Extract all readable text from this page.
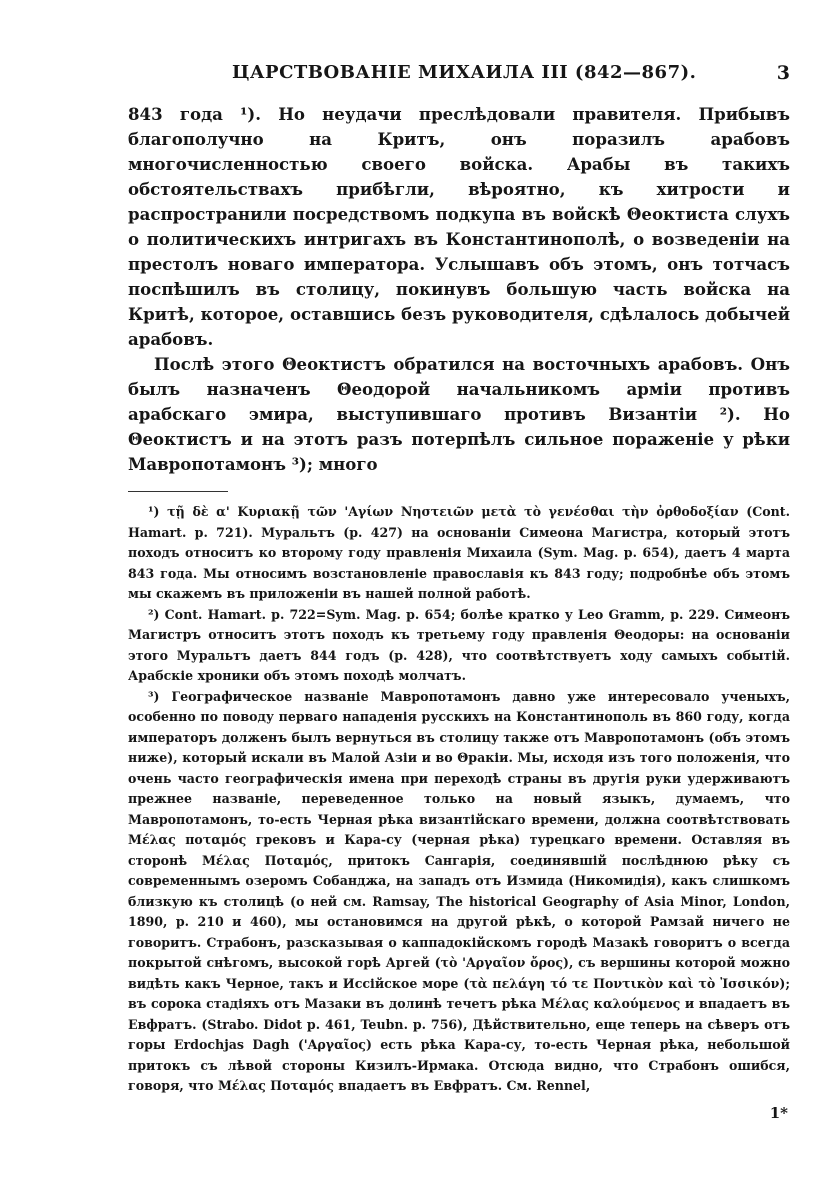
ЦАРСТВОВАНІЕ МИХАИЛА III (842—867).	3

843 года ¹). Но неудачи преслѣдовали правителя. Прибывъ благополучно на Критъ, онъ поразилъ арабовъ многочисленностью своего войска. Арабы въ такихъ обстоятельствахъ прибѣгли, вѣроятно, къ хитрости и распространили посредствомъ подкупа въ войскѣ Θеоктиста слухъ о политическихъ интригахъ въ Константинополѣ, о возведеніи на престолъ новаго императора. Услышавъ объ этомъ, онъ тотчасъ поспѣшилъ въ столицу, покинувъ большую часть войска на Критѣ, которое, оставшись безъ руководителя, сдѣлалось добычей арабовъ.

Послѣ этого Θеоктистъ обратился на восточныхъ арабовъ. Онъ былъ назначенъ Θеодорой начальникомъ арміи противъ арабскаго эмира, выступившаго противъ Византіи ²). Но Θеоктистъ и на этотъ разъ потерпѣлъ сильное пораженіе у рѣки Мавропотамонъ ³); много

¹) τῇ δὲ α' Κυριακῇ τῶν 'Αγίων Νηστειῶν μετὰ τὸ γενέσθαι τὴν ὀρθοδοξίαν (Cont. Hamart. p. 721). Муральтъ (p. 427) на основаніи Симеона Магистра, который этотъ походъ относитъ ко второму году правленія Михаила (Sym. Mag. p. 654), даетъ 4 марта 843 года. Мы относимъ возстановленіе православія къ 843 году; подробнѣе объ этомъ мы скажемъ въ приложеніи въ нашей полной работѣ.

²) Cont. Hamart. p. 722=Sym. Mag. p. 654; болѣе кратко у Leo Gramm, p. 229. Симеонъ Магистръ относитъ этотъ походъ къ третьему году правленія Θеодоры: на основаніи этого Муральтъ даетъ 844 годъ (p. 428), что соотвѣтствуетъ ходу самыхъ событій. Арабскіе хроники объ этомъ походѣ молчатъ.

³) Географическое названіе Мавропотамонъ давно уже интересовало ученыхъ, особенно по поводу перваго нападенія русскихъ на Константинополь въ 860 году, когда императоръ долженъ былъ вернуться въ столицу также отъ Мавропотамонъ (объ этомъ ниже), который искали въ Малой Азіи и во Θракіи. Мы, исходя изъ того положенія, что очень часто географическія имена при переходѣ страны въ другія руки удерживаютъ прежнее названіе, переведенное только на новый языкъ, думаемъ, что Мавропотамонъ, то-есть Черная рѣка византійскаго времени, должна соотвѣтствовать Μέλας ποταμός грековъ и Кара-су (черная рѣка) турецкаго времени. Оставляя въ сторонѣ Μέλας Ποταμός, притокъ Сангарія, соединявшій послѣднюю рѣку съ современнымъ озеромъ Собанджа, на западъ отъ Измида (Никомидія), какъ слишкомъ близкую къ столицѣ (о ней см. Ramsay, The historical Geography of Asia Minor, London, 1890, p. 210 и 460), мы остановимся на другой рѣкѣ, о которой Рамзай ничего не говоритъ. Страбонъ, разсказывая о каппадокійскомъ городѣ Мазакѣ говоритъ о всегда покрытой снѣгомъ, высокой горѣ Аргей (τὸ 'Αργαῖον ὄρος), съ вершины которой можно видѣть какъ Черное, такъ и Иссійское море (τὰ πελάγη τό τε Ποντικὸν καὶ τὸ Ἰσσικόν); въ сорока стадіяхъ отъ Мазаки въ долинѣ течетъ рѣка Μέλας καλούμενος и впадаетъ въ Евфратъ. (Strabo. Didot p. 461, Teubn. p. 756), Дѣйствительно, еще теперь на сѣверъ отъ горы Erdochjas Dagh ('Αργαῖος) есть рѣка Кара-су, то-есть Черная рѣка, небольшой притокъ съ лѣвой стороны Кизилъ-Ирмака. Отсюда видно, что Страбонъ ошибся, говоря, что Μέλας Ποταμός впадаетъ въ Евфратъ. См. Rennel,

1*
